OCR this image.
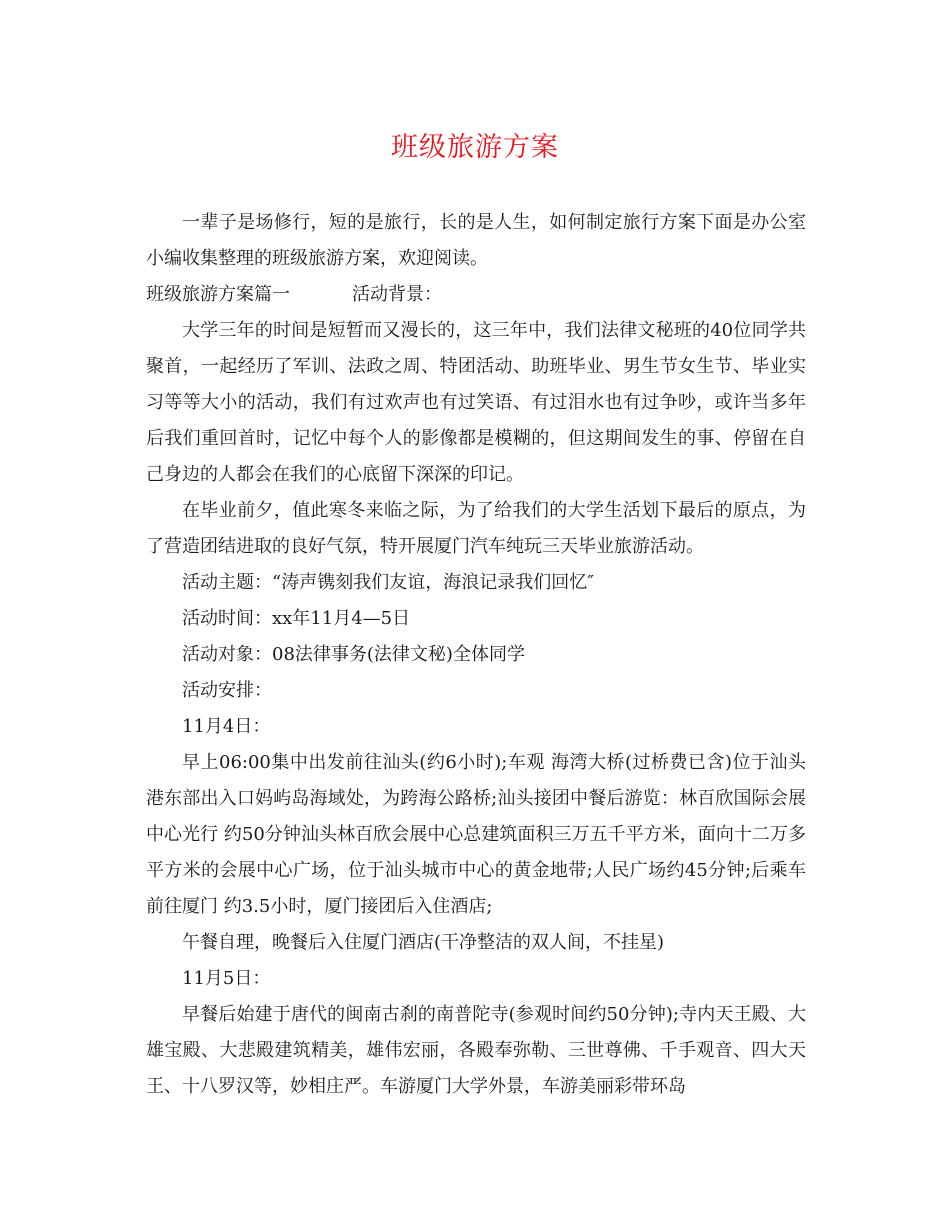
班级旅游方案

一辈子是场修行，短的是旅行，长的是人生，如何制定旅行方案下面是办公室小编收集整理的班级旅游方案，欢迎阅读。

班级旅游方案篇一	活动背景：

大学三年的时间是短暂而又漫长的，这三年中，我们法律文秘班的40位同学共聚首，一起经历了军训、法政之周、特团活动、助班毕业、男生节女生节、毕业实习等等大小的活动，我们有过欢声也有过笑语、有过泪水也有过争吵，或许当多年后我们重回首时，记忆中每个人的影像都是模糊的，但这期间发生的事、停留在自己身边的人都会在我们的心底留下深深的印记。

在毕业前夕，值此寒冬来临之际，为了给我们的大学生活划下最后的原点，为了营造团结进取的良好气氛，特开展厦门汽车纯玩三天毕业旅游活动。

活动主题：“涛声镌刻我们友谊，海浪记录我们回忆″

活动时间：xx年11月4—5日

活动对象：08法律事务(法律文秘)全体同学

活动安排：

11月4日：

早上06:00集中出发前往汕头(约6小时);车观 海湾大桥(过桥费已含)位于汕头港东部出入口妈屿岛海域处，为跨海公路桥;汕头接团中餐后游览：林百欣国际会展中心光行 约50分钟汕头林百欣会展中心总建筑面积三万五千平方米，面向十二万多平方米的会展中心广场，位于汕头城市中心的黄金地带;人民广场约45分钟;后乘车前往厦门 约3.5小时，厦门接团后入住酒店;

午餐自理，晚餐后入住厦门酒店(干净整洁的双人间，不挂星)

11月5日：

早餐后始建于唐代的闽南古刹的南普陀寺(参观时间约50分钟);寺内天王殿、大雄宝殿、大悲殿建筑精美，雄伟宏丽，各殿奉弥勒、三世尊佛、千手观音、四大天王、十八罗汉等，妙相庄严。车游厦门大学外景，车游美丽彩带环岛
